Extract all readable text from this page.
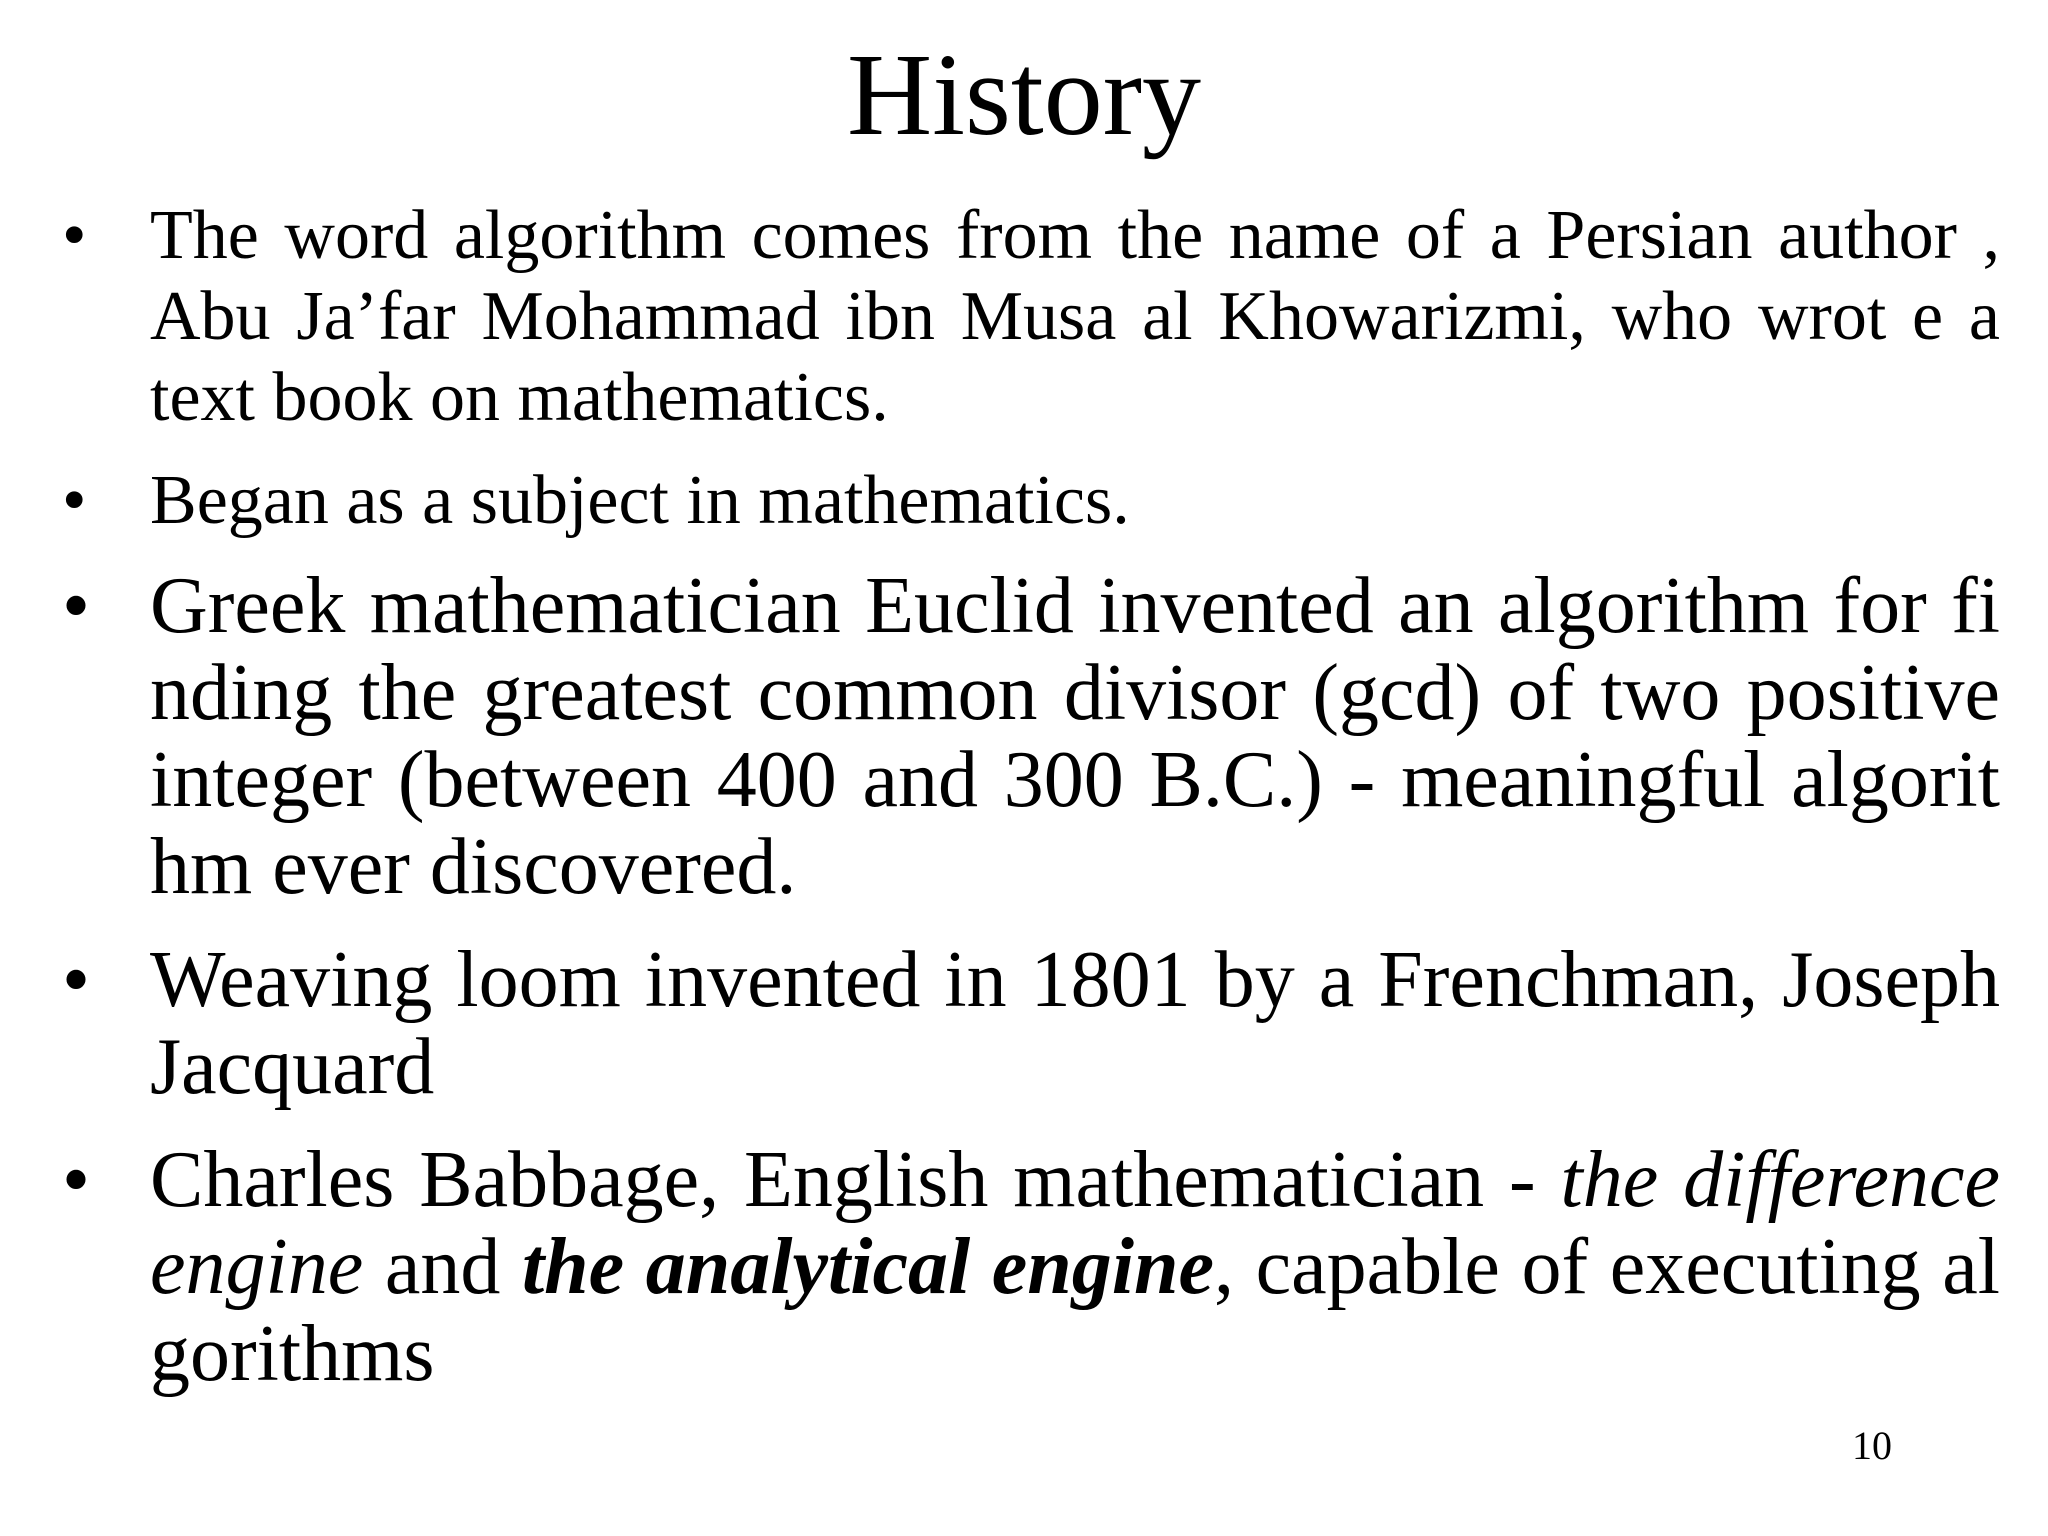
History
• The word algorithm comes from the name of a Persian author , Abu Ja’far Mohammad ibn Musa al Khowarizmi, who wrot e a text book on mathematics.
• Began as a subject in mathematics.
• Greek mathematician Euclid invented an algorithm for fi nding the greatest common divisor (gcd) of two positive integer (between 400 and 300 B.C.) - meaningful algorit hm ever discovered.
• Weaving loom invented in 1801 by a Frenchman, Joseph Jacquard
• Charles Babbage, English mathematician - the difference engine and the analytical engine, capable of executing al gorithms
10
